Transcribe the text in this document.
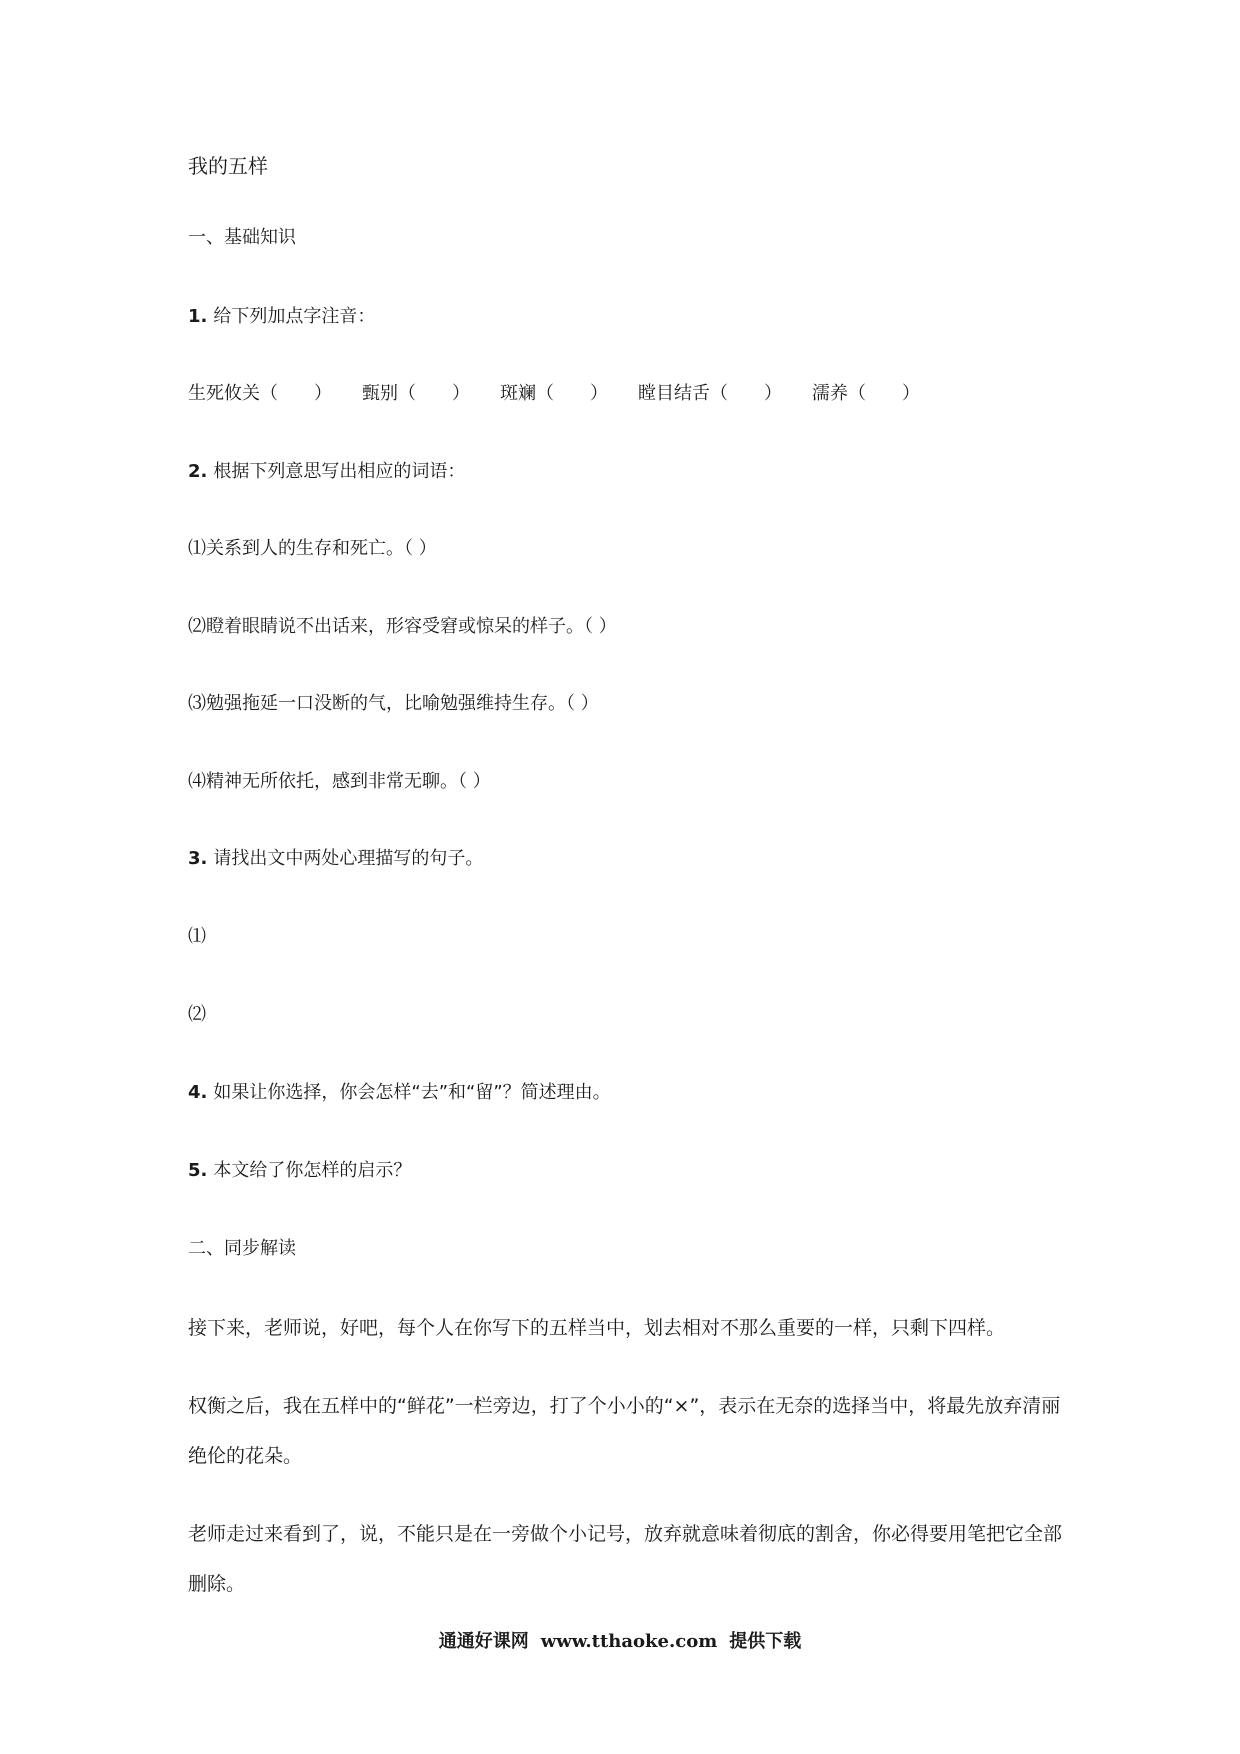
我的五样
一、基础知识
1. 给下列加点字注音：
生死攸关（　　） 甄别（　　） 斑斓（　　） 瞠目结舌（　　） 濡养（　　）
2. 根据下列意思写出相应的词语：
⑴关系到人的生存和死亡。（ ）
⑵瞪着眼睛说不出话来，形容受窘或惊呆的样子。（ ）
⑶勉强拖延一口没断的气，比喻勉强维持生存。（ ）
⑷精神无所依托，感到非常无聊。（ ）
3. 请找出文中两处心理描写的句子。
⑴
⑵
4. 如果让你选择，你会怎样“去”和“留”？简述理由。
5. 本文给了你怎样的启示？
二、同步解读
接下来，老师说，好吧，每个人在你写下的五样当中，划去相对不那么重要的一样，只剩下四样。
权衡之后，我在五样中的“鲜花”一栏旁边，打了个小小的“×”，表示在无奈的选择当中，将最先放弃清丽
绝伦的花朵。
老师走过来看到了，说，不能只是在一旁做个小记号，放弃就意味着彻底的割舍，你必得要用笔把它全部
删除。
通通好课网 www.tthaoke.com 提供下载
